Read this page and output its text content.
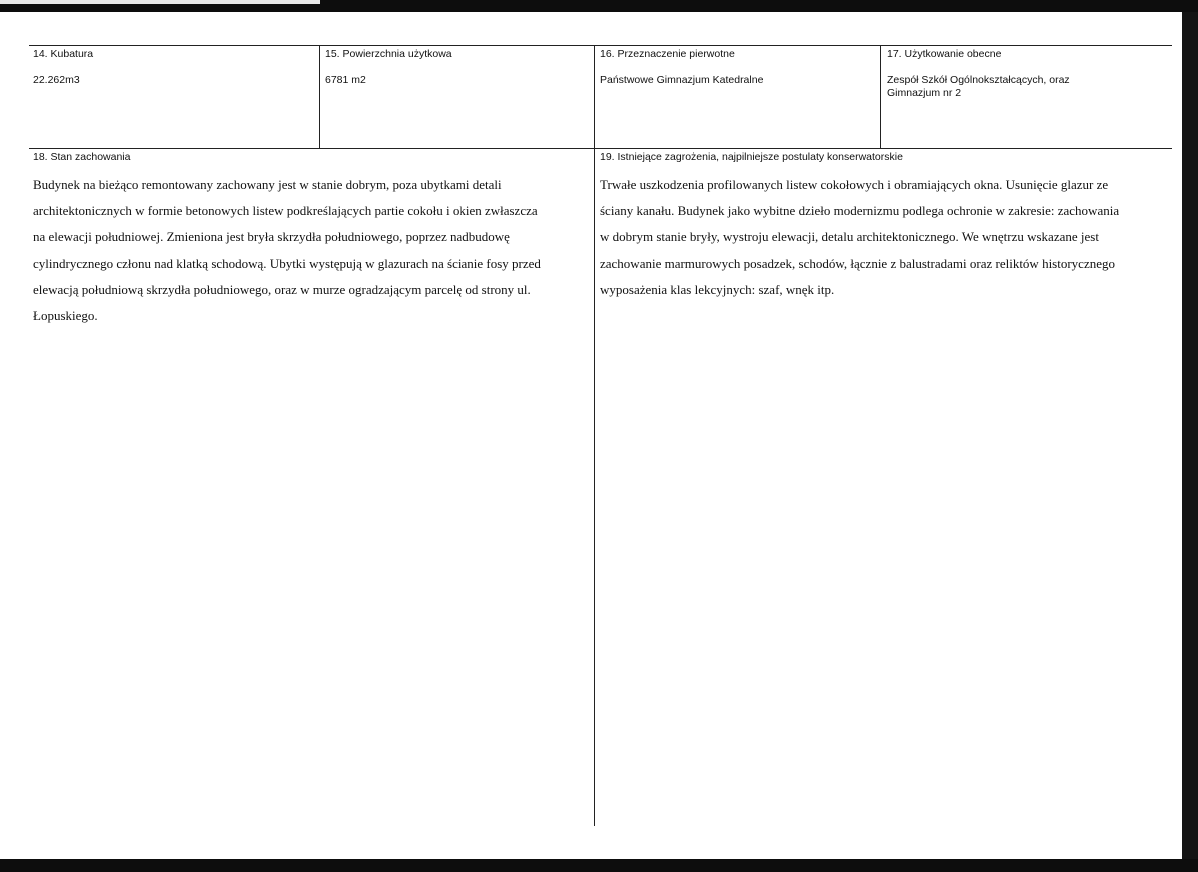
14. Kubatura
22.262m3
15. Powierzchnia użytkowa
6781 m2
16. Przeznaczenie pierwotne
Państwowe Gimnazjum Katedralne
17. Użytkowanie obecne
Zespół Szkół Ogólnokształcących, oraz
Gimnazjum nr 2
18. Stan zachowania
Budynek na bieżąco remontowany zachowany jest w stanie dobrym, poza ubytkami detali
architektonicznych w formie betonowych listew podkreślających partie cokołu i okien zwłaszcza
na elewacji południowej. Zmieniona jest bryła skrzydła południowego, poprzez nadbudowę
cylindrycznego członu nad klatką schodową. Ubytki występują w glazurach na ścianie fosy przed
elewacją południową skrzydła południowego, oraz w murze ogradzającym parcelę od strony ul.
Łopuskiego.
19. Istniejące zagrożenia, najpilniejsze postulaty konserwatorskie
Trwałe uszkodzenia profilowanych listew cokołowych i obramiających okna. Usunięcie glazur ze
ściany kanału. Budynek jako wybitne dzieło modernizmu podlega ochronie w zakresie: zachowania
w dobrym stanie bryły, wystroju elewacji, detalu architektonicznego. We wnętrzu wskazane jest
zachowanie marmurowych posadzek, schodów, łącznie z balustradami oraz reliktów historycznego
wyposażenia klas lekcyjnych: szaf, wnęk itp.
